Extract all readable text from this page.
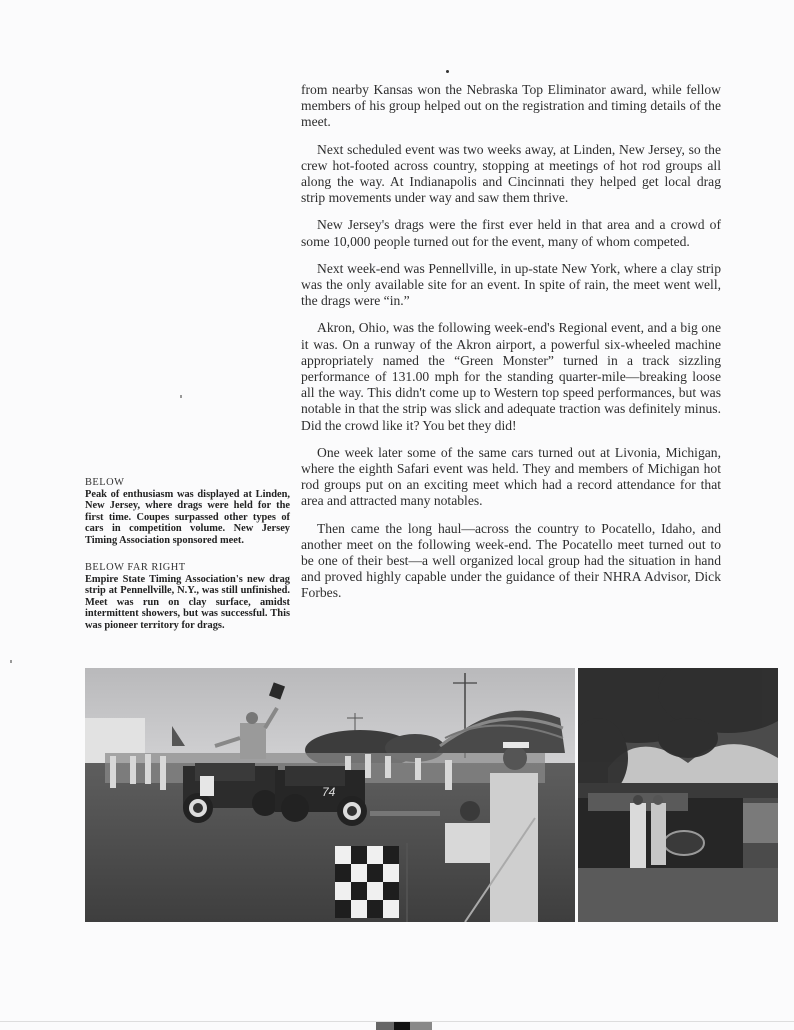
from nearby Kansas won the Nebraska Top Eliminator award, while fellow members of his group helped out on the registration and timing details of the meet.

Next scheduled event was two weeks away, at Linden, New Jersey, so the crew hot-footed across country, stopping at meetings of hot rod groups all along the way. At Indianapolis and Cincinnati they helped get local drag strip movements under way and saw them thrive.

New Jersey's drags were the first ever held in that area and a crowd of some 10,000 people turned out for the event, many of whom competed.

Next week-end was Pennellville, in up-state New York, where a clay strip was the only available site for an event. In spite of rain, the meet went well, the drags were “in.”

Akron, Ohio, was the following week-end's Regional event, and a big one it was. On a runway of the Akron airport, a powerful six-wheeled machine appropriately named the “Green Monster” turned in a track sizzling performance of 131.00 mph for the standing quarter-mile—breaking loose all the way. This didn't come up to Western top speed performances, but was notable in that the strip was slick and adequate traction was definitely minus. Did the crowd like it? You bet they did!

One week later some of the same cars turned out at Livonia, Michigan, where the eighth Safari event was held. They and members of Michigan hot rod groups put on an exciting meet which had a record attendance for that area and attracted many notables.

Then came the long haul—across the country to Pocatello, Idaho, and another meet on the following week-end. The Pocatello meet turned out to be one of their best—a well organized local group had the situation in hand and proved highly capable under the guidance of their NHRA Advisor, Dick Forbes.

BELOW
Peak of enthusiasm was displayed at Linden, New Jersey, where drags were held for the first time. Coupes surpassed other types of cars in competition volume. New Jersey Timing Association sponsored meet.
BELOW FAR RIGHT
Empire State Timing Association's new drag strip at Pennellville, N.Y., was still unfinished. Meet was run on clay surface, amidst intermittent showers, but was successful. This was pioneer territory for drags.
74
